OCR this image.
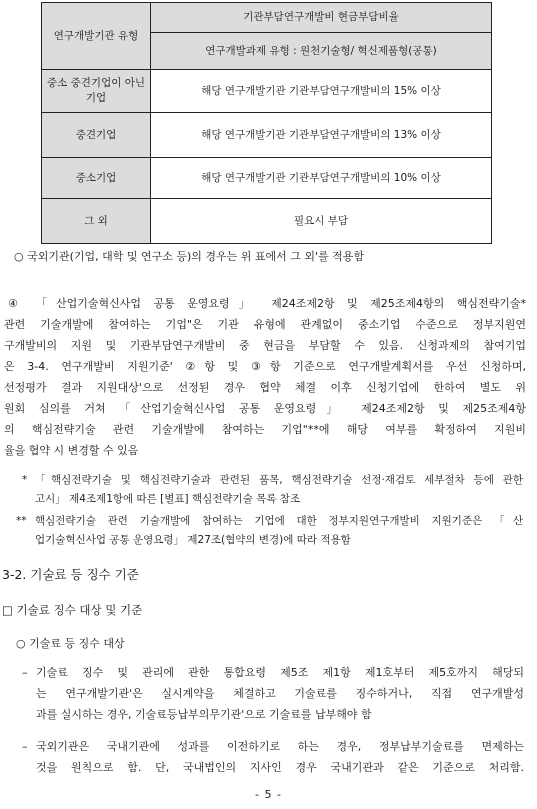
연구개발기관 유형	기관부담연구개발비 현금부담비율
	연구개발과제 유형 : 원천기술형/ 혁신제품형(공통)
중소 중견기업이 아닌 기업	해당 연구개발기관 기관부담연구개발비의 15% 이상
중견기업	해당 연구개발기관 기관부담연구개발비의 13% 이상
중소기업	해당 연구개발기관 기관부담연구개발비의 10% 이상
그 외	필요시 부담
○ 국외기관(기업, 대학 및 연구소 등)의 경우는 위 표에서 그 외'를 적용함
④ 「산업기술혁신사업 공통 운영요령」 제24조제2항 및 제25조제4항의 핵심전략기술*
관련 기술개발에 참여하는 기업"은 기관 유형에 관계없이 중소기업 수준으로 정부지원연
구개발비의 지원 및 기관부담연구개발비 중 현금을 부담할 수 있음. 신청과제의 참여기업
은 3-4. 연구개발비 지원기준' ②항 및 ③항 기준으로 연구개발계획서를 우선 신청하며,
선정평가 결과 지원대상'으로 선정된 경우 협약 체결 이후 신청기업에 한하여 별도 위
원회 심의를 거쳐 「산업기술혁신사업 공통 운영요령」 제24조제2항 및 제25조제4항
의 핵심전략기술 관련 기술개발에 참여하는 기업"**에 해당 여부를 확정하여 지원비
율을 협약 시 변경할 수 있음
* 「핵심전략기술 및 핵심전략기술과 관련된 품목, 핵심전략기술 선정·재검토 세부절차 등에 관한
고시」 제4조제1항에 따른 [별표] 핵심전략기술 목록 참조
** 핵심전략기술 관련 기술개발에 참여하는 기업에 대한 정부지원연구개발비 지원기준은 「산
업기술혁신사업 공통 운영요령」 제27조(협약의 변경)에 따라 적용함
3-2. 기술료 등 징수 기준
□ 기술료 징수 대상 및 기준
○ 기술료 등 징수 대상
– 기술료 징수 및 관리에 관한 통합요령 제5조 제1항 제1호부터 제5호까지 해당되
는 연구개발기관'은 실시계약을 체결하고 기술료를 징수하거나, 직접 연구개발성
과를 실시하는 경우, 기술료등납부의무기관'으로 기술료를 납부해야 함
– 국외기관은 국내기관에 성과를 이전하기로 하는 경우, 정부납부기술료를 면제하는
것을 원칙으로 함. 단, 국내법인의 지사인 경우 국내기관과 같은 기준으로 처리함.
- 5 -
